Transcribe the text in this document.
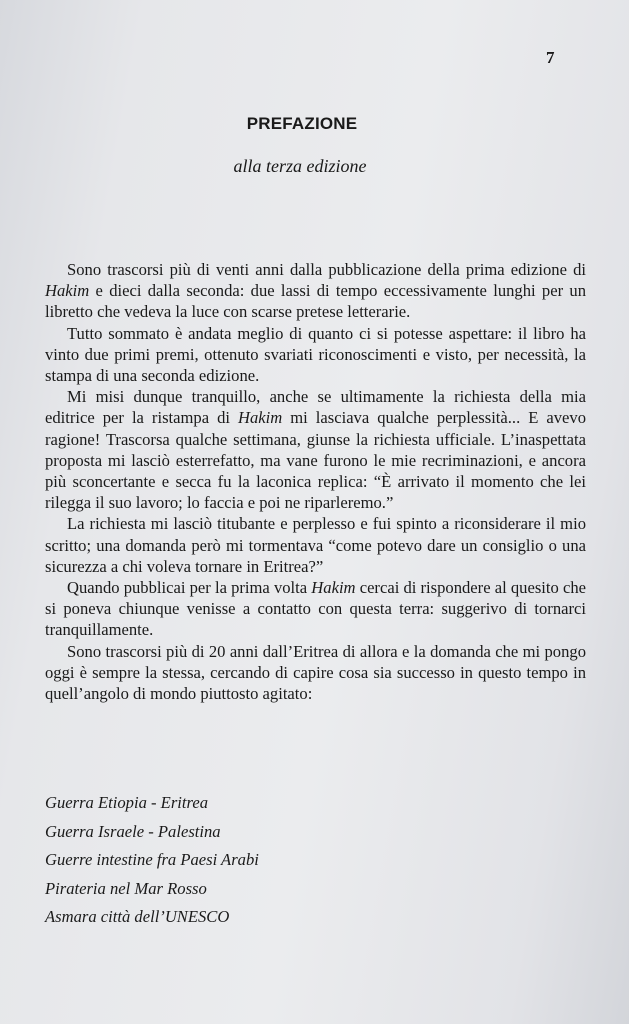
7
PREFAZIONE
alla terza edizione

Sono trascorsi più di venti anni dalla pubblicazione della prima edizione di Hakim e dieci dalla seconda: due lassi di tempo eccessivamente lunghi per un libretto che vedeva la luce con scarse pretese letterarie.

Tutto sommato è andata meglio di quanto ci si potesse aspettare: il libro ha vinto due primi premi, ottenuto svariati riconoscimenti e visto, per necessità, la stampa di una seconda edizione.

Mi misi dunque tranquillo, anche se ultimamente la richiesta della mia editrice per la ristampa di Hakim mi lasciava qualche perplessità... E avevo ragione! Trascorsa qualche settimana, giunse la richiesta ufficiale. L’inaspettata proposta mi lasciò esterrefatto, ma vane furono le mie recriminazioni, e ancora più sconcertante e secca fu la laconica replica: “È arrivato il momento che lei rilegga il suo lavoro; lo faccia e poi ne riparleremo.”

La richiesta mi lasciò titubante e perplesso e fui spinto a riconsiderare il mio scritto; una domanda però mi tormentava “come potevo dare un consiglio o una sicurezza a chi voleva tornare in Eritrea?”

Quando pubblicai per la prima volta Hakim cercai di rispondere al quesito che si poneva chiunque venisse a contatto con questa terra: suggerivo di tornarci tranquillamente.

Sono trascorsi più di 20 anni dall’Eritrea di allora e la domanda che mi pongo oggi è sempre la stessa, cercando di capire cosa sia successo in questo tempo in quell’angolo di mondo piuttosto agitato:

Guerra Etiopia - Eritrea
Guerra Israele - Palestina
Guerre intestine fra Paesi Arabi
Pirateria nel Mar Rosso
Asmara città dell’UNESCO
